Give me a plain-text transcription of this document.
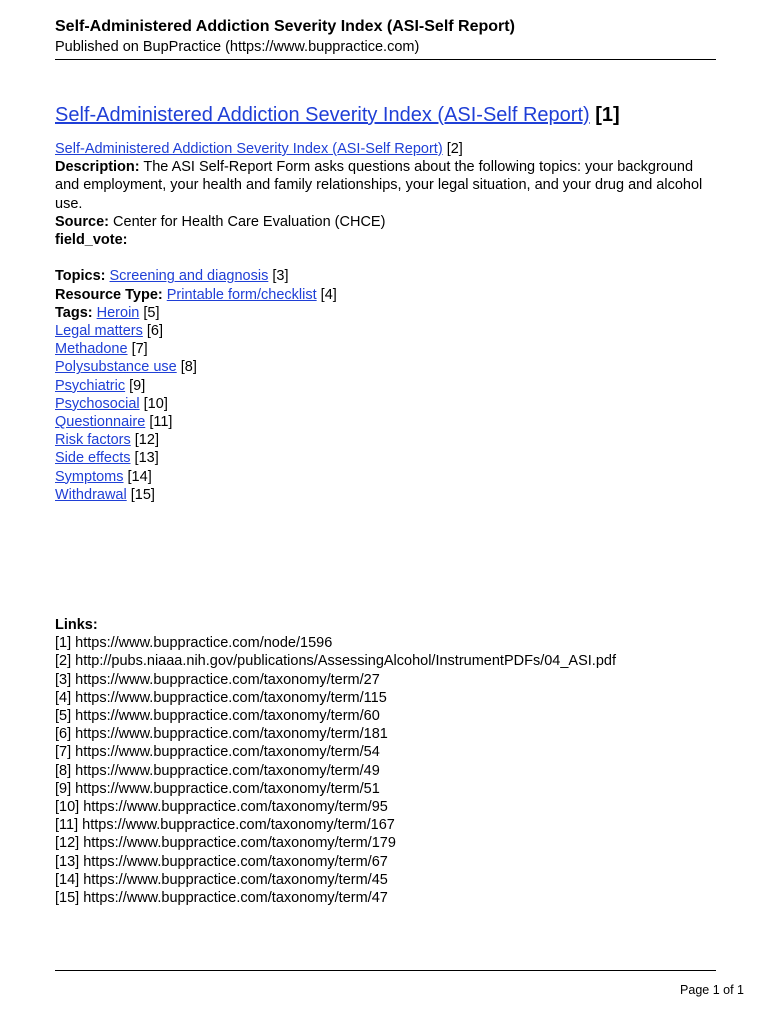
Self-Administered Addiction Severity Index (ASI-Self Report)
Published on BupPractice (https://www.buppractice.com)
Self-Administered Addiction Severity Index (ASI-Self Report) [1]

Self-Administered Addiction Severity Index (ASI-Self Report) [2]

Description: The ASI Self-Report Form asks questions about the following topics: your background and employment, your health and family relationships, your legal situation, and your drug and alcohol use.

Source: Center for Health Care Evaluation (CHCE)

field_vote:

Topics: Screening and diagnosis [3]

Resource Type: Printable form/checklist [4]

Tags: Heroin [5]

Legal matters [6]

Methadone [7]

Polysubstance use [8]

Psychiatric [9]

Psychosocial [10]

Questionnaire [11]

Risk factors [12]

Side effects [13]

Symptoms [14]

Withdrawal [15]

Links:

[1] https://www.buppractice.com/node/1596

[2] http://pubs.niaaa.nih.gov/publications/AssessingAlcohol/InstrumentPDFs/04_ASI.pdf

[3] https://www.buppractice.com/taxonomy/term/27

[4] https://www.buppractice.com/taxonomy/term/115

[5] https://www.buppractice.com/taxonomy/term/60

[6] https://www.buppractice.com/taxonomy/term/181

[7] https://www.buppractice.com/taxonomy/term/54

[8] https://www.buppractice.com/taxonomy/term/49

[9] https://www.buppractice.com/taxonomy/term/51

[10] https://www.buppractice.com/taxonomy/term/95

[11] https://www.buppractice.com/taxonomy/term/167

[12] https://www.buppractice.com/taxonomy/term/179

[13] https://www.buppractice.com/taxonomy/term/67

[14] https://www.buppractice.com/taxonomy/term/45

[15] https://www.buppractice.com/taxonomy/term/47

Page 1 of 1
